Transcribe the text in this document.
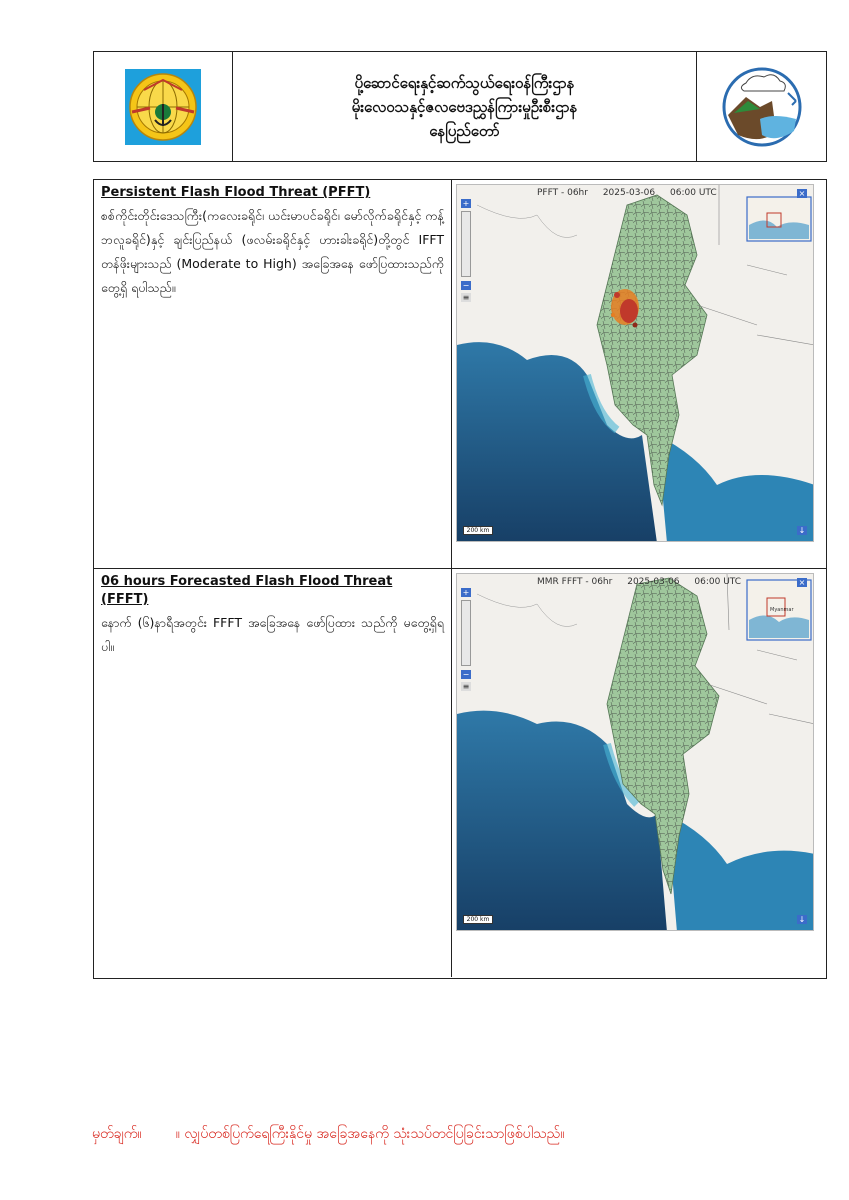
ပို့ဆောင်ရေးနှင့်ဆက်သွယ်ရေးဝန်ကြီးဌာန
မိုးလေဝသနှင့်ဇလဗေဒညွှန်ကြားမှုဦးစီးဌာန
နေပြည်တော်
Persistent Flash Flood Threat (PFFT)
စစ်ကိုင်းတိုင်းဒေသကြီး(ကလေးခရိုင်၊ ယင်းမာပင်ခရိုင်၊ မော်လိုက်ခရိုင်နှင့် ကန့်ဘလူခရိုင်)နှင့် ချင်းပြည်နယ် (ဖလမ်းခရိုင်နှင့် ဟားခါးခရိုင်)တို့တွင် IFFT တန်ဖိုးများသည် (Moderate to High) အခြေအနေ ဖော်ပြထားသည်ကို တွေ့ရှိ ရပါသည်။
PFFT - 06hr 2025-03-06 06:00 UTC
+
−
≡
200 km	↓
×
06 hours Forecasted Flash Flood Threat (FFFT)
နောက် (၆)နာရီအတွင်း FFFT အခြေအနေ ဖော်ပြထား သည်ကို မတွေ့ရှိရပါ။
Myanmar
MMR FFFT - 06hr 2025-03-06 06:00 UTC
+
−
≡
200 km	↓
×
မှတ်ချက်။ ။ လျှပ်တစ်ပြက်ရေကြီးနိုင်မှု အခြေအနေကို သုံးသပ်တင်ပြခြင်းသာဖြစ်ပါသည်။
